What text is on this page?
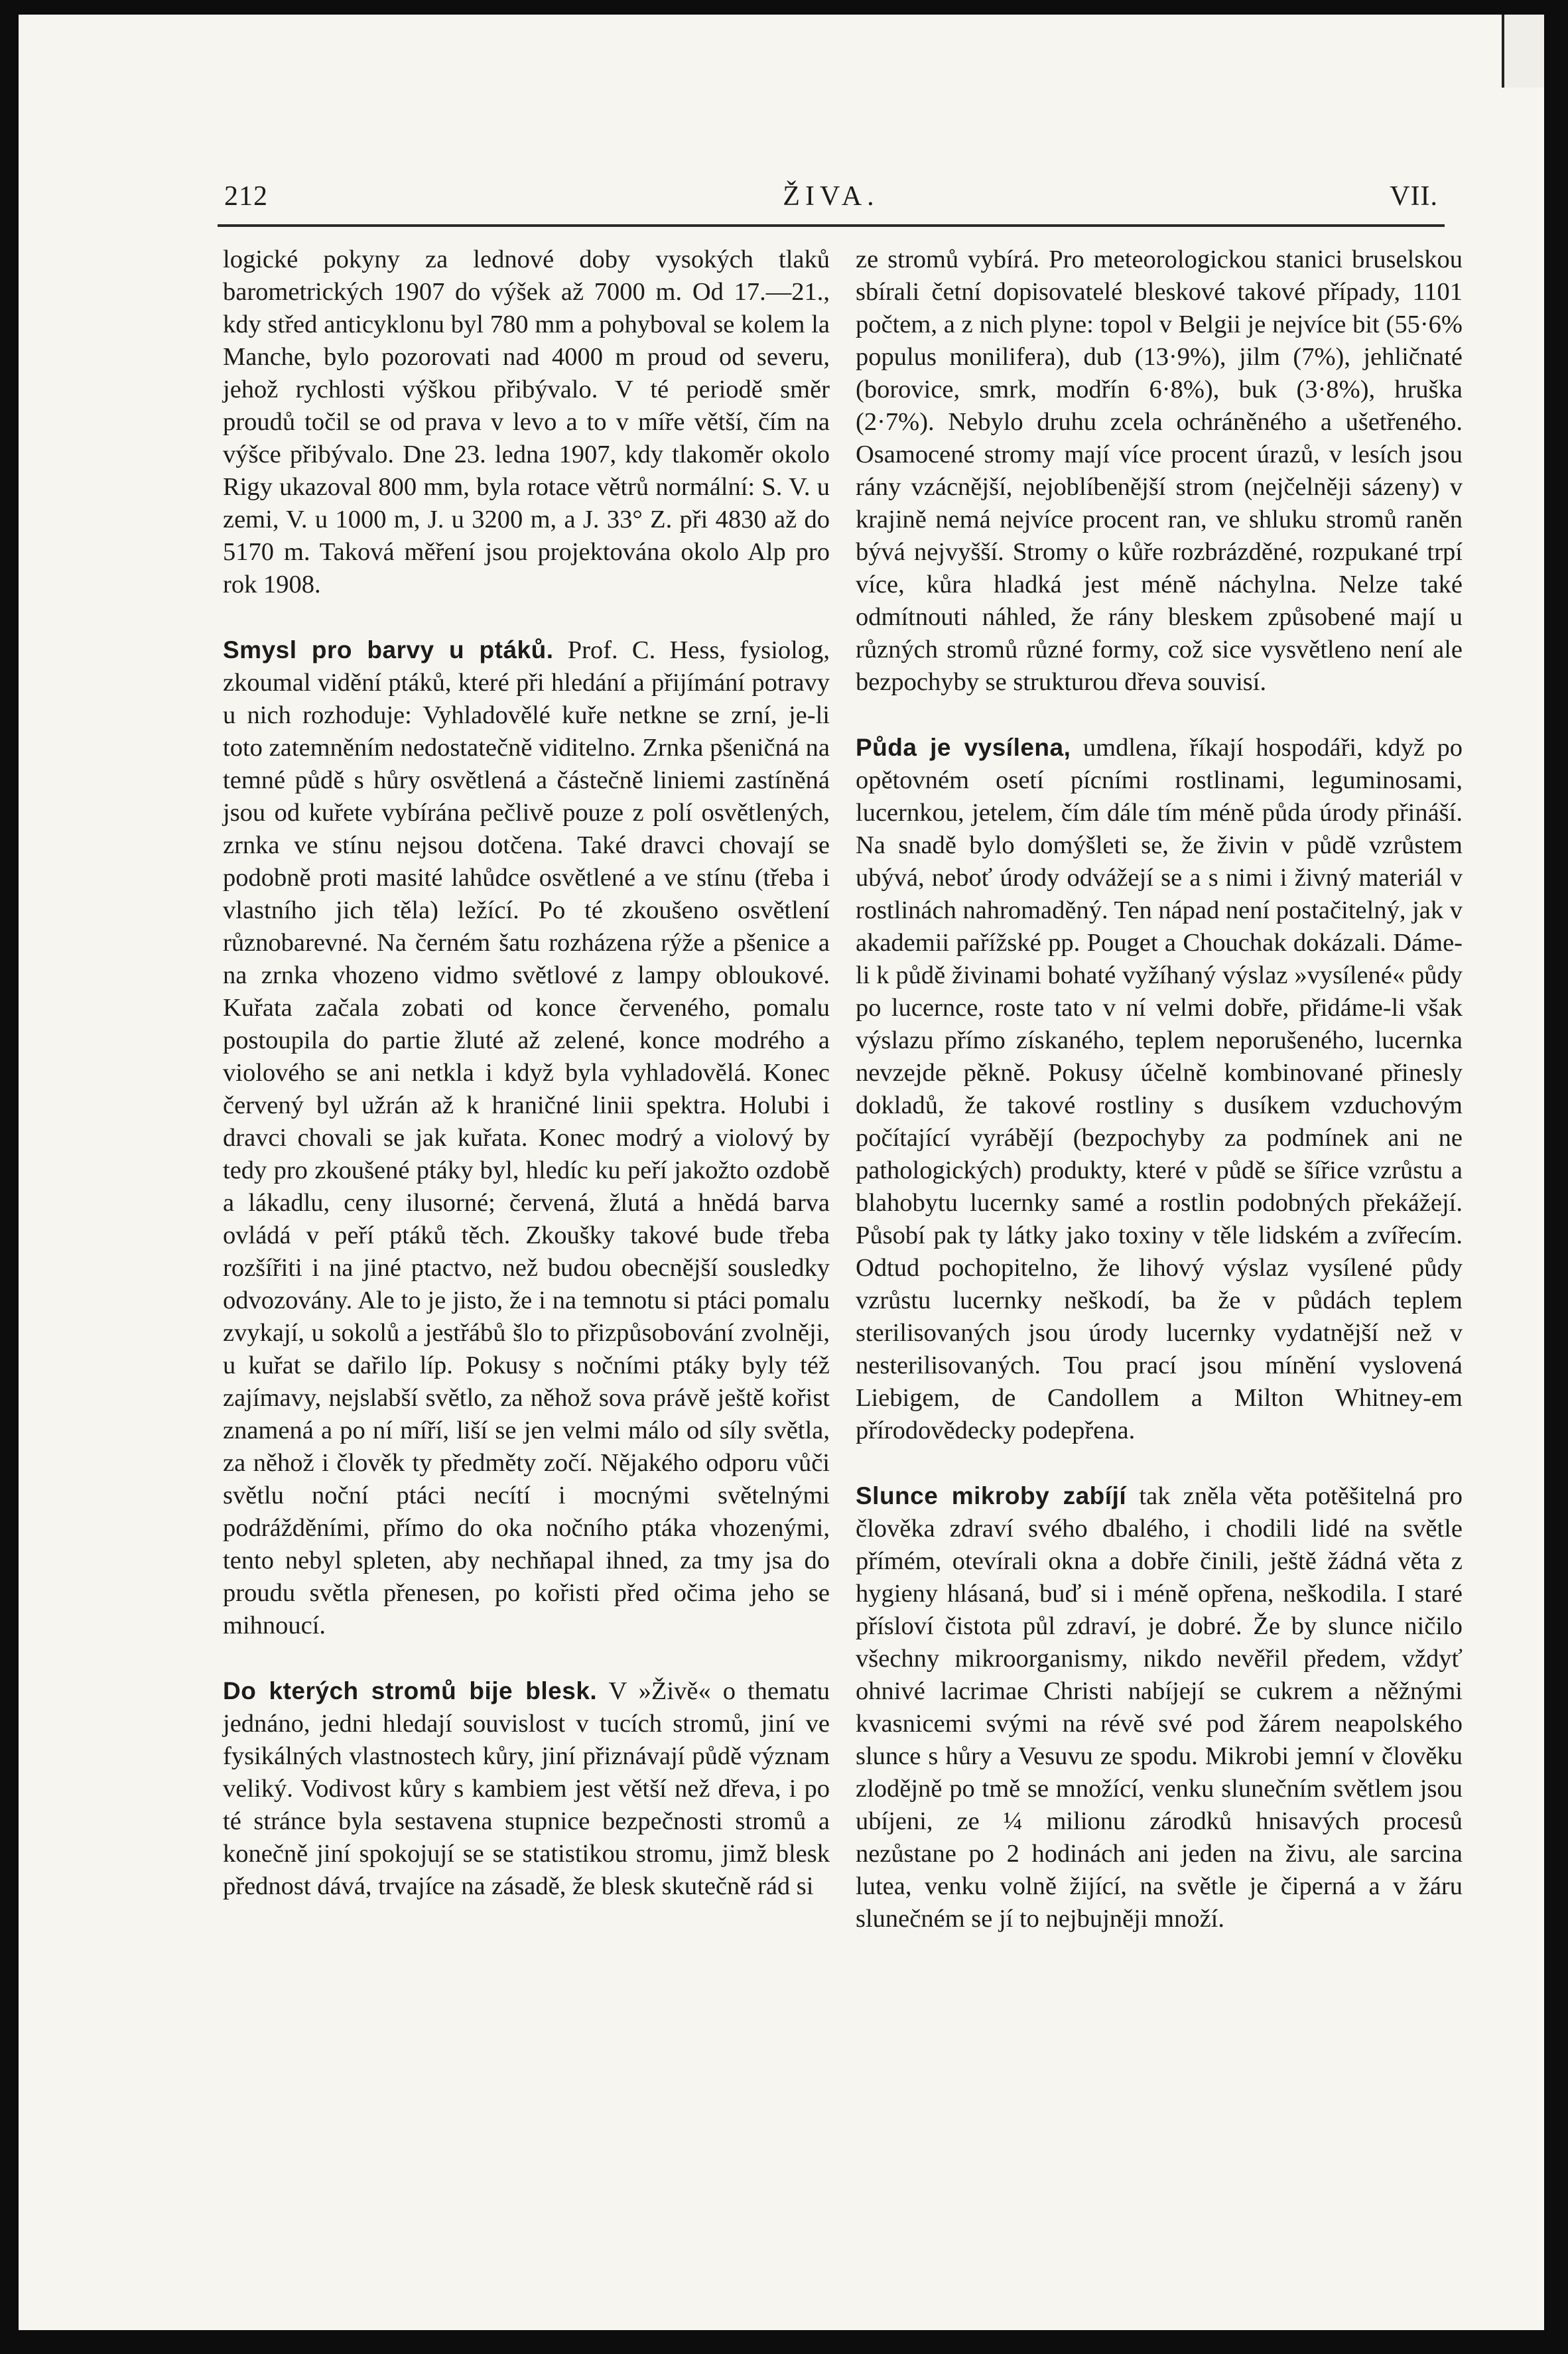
212	ŽIVA.	VII.

logické pokyny za lednové doby vysokých tlaků barometrických 1907 do výšek až 7000 m. Od 17.—21., kdy střed anticyklonu byl 780 mm a pohyboval se kolem la Manche, bylo pozorovati nad 4000 m proud od severu, jehož rychlosti výškou přibývalo. V té periodě směr proudů točil se od prava v levo a to v míře větší, čím na výšce přibývalo. Dne 23. ledna 1907, kdy tlakoměr okolo Rigy ukazoval 800 mm, byla rotace větrů normální: S. V. u zemi, V. u 1000 m, J. u 3200 m, a J. 33° Z. při 4830 až do 5170 m. Taková měření jsou projektována okolo Alp pro rok 1908.

Smysl pro barvy u ptáků. Prof. C. Hess, fysiolog, zkoumal vidění ptáků, které při hledání a přijímání potravy u nich rozhoduje: Vyhladovělé kuře netkne se zrní, je-li toto zatemněním nedostatečně viditelno. Zrnka pšeničná na temné půdě s hůry osvětlená a částečně liniemi zastíněná jsou od kuřete vybírána pečlivě pouze z polí osvětlených, zrnka ve stínu nejsou dotčena. Také dravci chovají se podobně proti masité lahůdce osvětlené a ve stínu (třeba i vlastního jich těla) ležící. Po té zkoušeno osvětlení různobarevné. Na černém šatu rozházena rýže a pšenice a na zrnka vhozeno vidmo světlové z lampy obloukové. Kuřata začala zobati od konce červeného, pomalu postoupila do partie žluté až zelené, konce modrého a violového se ani netkla i když byla vyhladovělá. Konec červený byl užrán až k hraničné linii spektra. Holubi i dravci chovali se jak kuřata. Konec modrý a violový by tedy pro zkoušené ptáky byl, hledíc ku peří jakožto ozdobě a lákadlu, ceny ilusorné; červená, žlutá a hnědá barva ovládá v peří ptáků těch. Zkoušky takové bude třeba rozšířiti i na jiné ptactvo, než budou obecnější sousledky odvozovány. Ale to je jisto, že i na temnotu si ptáci pomalu zvykají, u sokolů a jestřábů šlo to přizpůsobování zvolněji, u kuřat se dařilo líp. Pokusy s nočními ptáky byly též zajímavy, nejslabší světlo, za něhož sova právě ještě kořist znamená a po ní míří, liší se jen velmi málo od síly světla, za něhož i člověk ty předměty zočí. Nějakého odporu vůči světlu noční ptáci necítí i mocnými světelnými podrážděními, přímo do oka nočního ptáka vhozenými, tento nebyl spleten, aby nechňapal ihned, za tmy jsa do proudu světla přenesen, po kořisti před očima jeho se mihnoucí.

Do kterých stromů bije blesk. V »Živě« o thematu jednáno, jedni hledají souvislost v tucích stromů, jiní ve fysikálných vlastnostech kůry, jiní přiznávají půdě význam veliký. Vodivost kůry s kambiem jest větší než dřeva, i po té stránce byla sestavena stupnice bezpečnosti stromů a konečně jiní spokojují se se statistikou stromu, jimž blesk přednost dává, trvajíce na zásadě, že blesk skutečně rád si

ze stromů vybírá. Pro meteorologickou stanici bruselskou sbírali četní dopisovatelé bleskové takové případy, 1101 počtem, a z nich plyne: topol v Belgii je nejvíce bit (55·6% populus monilifera), dub (13·9%), jilm (7%), jehličnaté (borovice, smrk, modřín 6·8%), buk (3·8%), hruška (2·7%). Nebylo druhu zcela ochráněného a ušetřeného. Osamocené stromy mají více procent úrazů, v lesích jsou rány vzácnější, nejoblíbenější strom (nejčelněji sázeny) v krajině nemá nejvíce procent ran, ve shluku stromů raněn bývá nejvyšší. Stromy o kůře rozbrázděné, rozpukané trpí více, kůra hladká jest méně náchylna. Nelze také odmítnouti náhled, že rány bleskem způsobené mají u různých stromů různé formy, což sice vysvětleno není ale bezpochyby se strukturou dřeva souvisí.

Půda je vysílena, umdlena, říkají hospodáři, když po opětovném osetí pícními rostlinami, leguminosami, lucernkou, jetelem, čím dále tím méně půda úrody přináší. Na snadě bylo domýšleti se, že živin v půdě vzrůstem ubývá, neboť úrody odvážejí se a s nimi i živný materiál v rostlinách nahromaděný. Ten nápad není postačitelný, jak v akademii pařížské pp. Pouget a Chouchak dokázali. Dáme-li k půdě živinami bohaté vyžíhaný výslaz »vysílené« půdy po lucernce, roste tato v ní velmi dobře, přidáme-li však výslazu přímo získaného, teplem neporušeného, lucernka nevzejde pěkně. Pokusy účelně kombinované přinesly dokladů, že takové rostliny s dusíkem vzduchovým počítající vyrábějí (bezpochyby za podmínek ani ne pathologických) produkty, které v půdě se šířice vzrůstu a blahobytu lucernky samé a rostlin podobných překážejí. Působí pak ty látky jako toxiny v těle lidském a zvířecím. Odtud pochopitelno, že lihový výslaz vysílené půdy vzrůstu lucernky neškodí, ba že v půdách teplem sterilisovaných jsou úrody lucernky vydatnější než v nesterilisovaných. Tou prací jsou mínění vyslovená Liebigem, de Candollem a Milton Whitney-em přírodovědecky podepřena.

Slunce mikroby zabíjí tak zněla věta potěšitelná pro člověka zdraví svého dbalého, i chodili lidé na světle přímém, otevírali okna a dobře činili, ještě žádná věta z hygieny hlásaná, buď si i méně opřena, neškodila. I staré přísloví čistota půl zdraví, je dobré. Že by slunce ničilo všechny mikroorganismy, nikdo nevěřil předem, vždyť ohnivé lacrimae Christi nabíjejí se cukrem a něžnými kvasnicemi svými na révě své pod žárem neapolského slunce s hůry a Vesuvu ze spodu. Mikrobi jemní v člověku zlodějně po tmě se množící, venku slunečním světlem jsou ubíjeni, ze ¼ milionu zárodků hnisavých procesů nezůstane po 2 hodinách ani jeden na živu, ale sarcina lutea, venku volně žijící, na světle je čiperná a v žáru slunečném se jí to nejbujněji množí.
